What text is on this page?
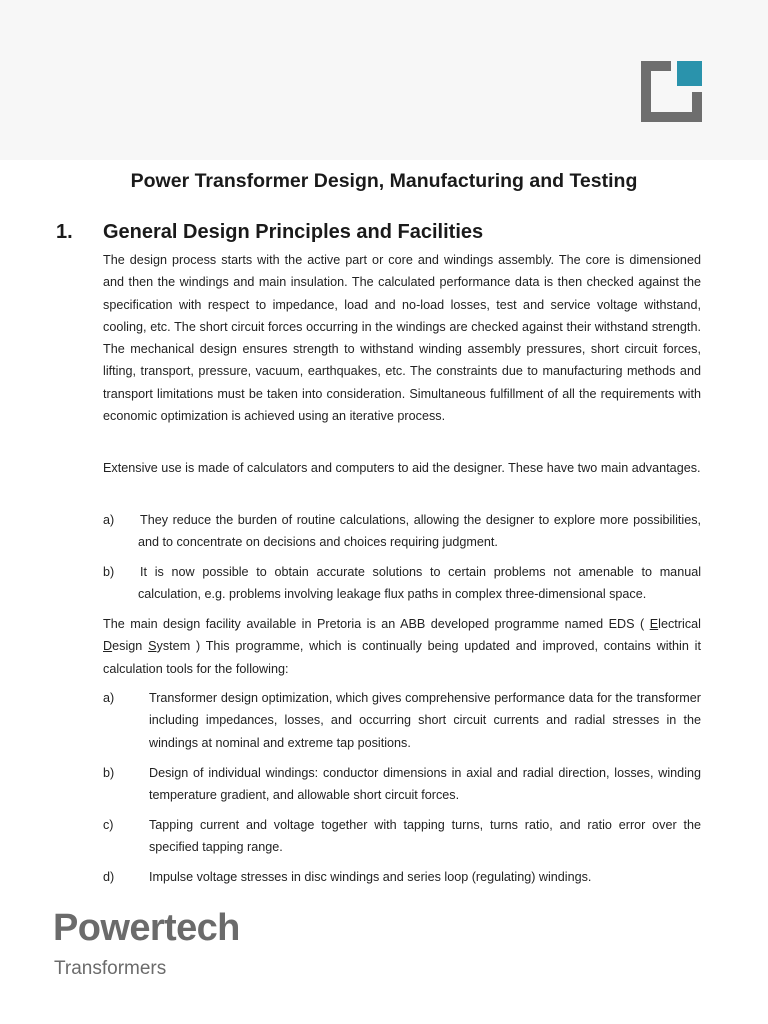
Power Transformer Design, Manufacturing and Testing
1. General Design Principles and Facilities

The design process starts with the active part or core and windings assembly. The core is dimensioned and then the windings and main insulation. The calculated performance data is then checked against the specification with respect to impedance, load and no-load losses, test and service voltage withstand, cooling, etc. The short circuit forces occurring in the windings are checked against their withstand strength. The mechanical design ensures strength to withstand winding assembly pressures, short circuit forces, lifting, transport, pressure, vacuum, earthquakes, etc. The constraints due to manufacturing methods and transport limitations must be taken into consideration. Simultaneous fulfillment of all the requirements with economic optimization is achieved using an iterative process.

Extensive use is made of calculators and computers to aid the designer. These have two main advantages.

a) They reduce the burden of routine calculations, allowing the designer to explore more possibilities, and to concentrate on decisions and choices requiring judgment.
b) It is now possible to obtain accurate solutions to certain problems not amenable to manual calculation, e.g. problems involving leakage flux paths in complex three-dimensional space.

The main design facility available in Pretoria is an ABB developed programme named EDS ( Electrical Design System ) This programme, which is continually being updated and improved, contains within it calculation tools for the following:

a)	Transformer design optimization, which gives comprehensive performance data for the transformer including impedances, losses, and occurring short circuit currents and radial stresses in the windings at nominal and extreme tap positions.
b)	Design of individual windings: conductor dimensions in axial and radial direction, losses, winding temperature gradient, and allowable short circuit forces.
c)	Tapping current and voltage together with tapping turns, turns ratio, and ratio error over the specified tapping range.
d)	Impulse voltage stresses in disc windings and series loop (regulating) windings.
Powertech
Transformers
